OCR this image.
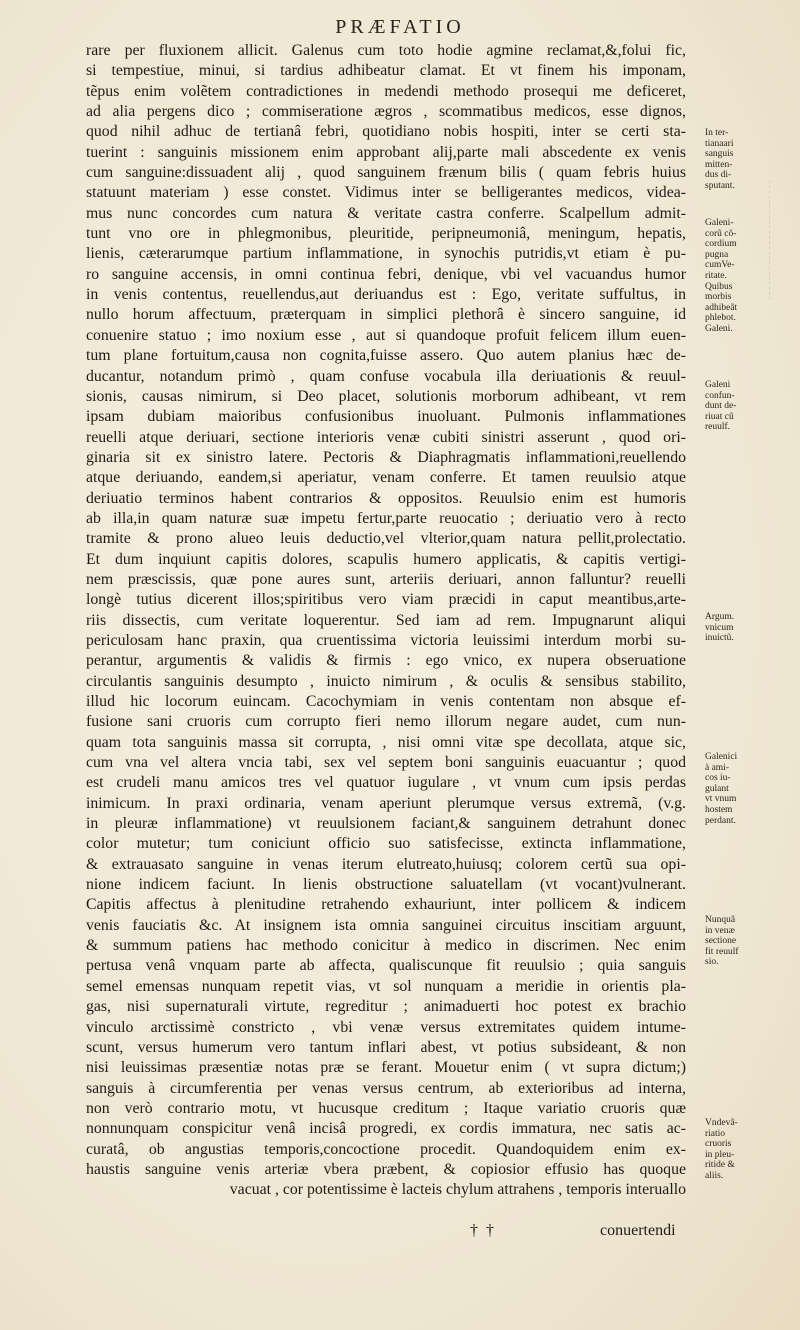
PRÆFATIO
rare per fluxionem allicit. Galenus cum toto hodie agmine reclamat,&,folui fic,
si tempestiue, minui, si tardius adhibeatur clamat. Et vt finem his imponam,
tẽpus enim volẽtem contradictiones in medendi methodo prosequi me deficeret,
ad alia pergens dico ; commiseratione ægros , scommatibus medicos, esse dignos,
quod nihil adhuc de tertianâ febri, quotidiano nobis hospiti, inter se certi sta-
tuerint : sanguinis missionem enim approbant alij,parte mali abscedente ex venis
cum sanguine:dissuadent alij , quod sanguinem frænum bilis ( quam febris huius
statuunt materiam ) esse constet. Vidimus inter se belligerantes medicos, videa-
mus nunc concordes cum natura & veritate castra conferre. Scalpellum admit-
tunt vno ore in phlegmonibus, pleuritide, peripneumoniâ, meningum, hepatis,
lienis, cæterarumque partium inflammatione, in synochis putridis,vt etiam è pu-
ro sanguine accensis, in omni continua febri, denique, vbi vel vacuandus humor
in venis contentus, reuellendus,aut deriuandus est : Ego, veritate suffultus, in
nullo horum affectuum, præterquam in simplici plethorâ è sincero sanguine, id
conuenire statuo ; imo noxium esse , aut si quandoque profuit felicem illum euen-
tum plane fortuitum,causa non cognita,fuisse assero. Quo autem planius hæc de-
ducantur, notandum primò , quam confuse vocabula illa deriuationis & reuul-
sionis, causas nimirum, si Deo placet, solutionis morborum adhibeant, vt rem
ipsam dubiam maioribus confusionibus inuoluant. Pulmonis inflammationes
reuelli atque deriuari, sectione interioris venæ cubiti sinistri asserunt , quod ori-
ginaria sit ex sinistro latere. Pectoris & Diaphragmatis inflammationi,reuellendo
atque deriuando, eandem,si aperiatur, venam conferre. Et tamen reuulsio atque
deriuatio terminos habent contrarios & oppositos. Reuulsio enim est humoris
ab illa,in quam naturæ suæ impetu fertur,parte reuocatio ; deriuatio vero à recto
tramite & prono alueo leuis deductio,vel vlterior,quam natura pellit,prolectatio.
Et dum inquiunt capitis dolores, scapulis humero applicatis, & capitis vertigi-
nem præscissis, quæ pone aures sunt, arteriis deriuari, annon falluntur? reuelli
longè tutius dicerent illos;spiritibus vero viam præcidi in caput meantibus,arte-
riis dissectis, cum veritate loquerentur. Sed iam ad rem. Impugnarunt aliqui
periculosam hanc praxin, qua cruentissima victoria leuissimi interdum morbi su-
perantur, argumentis & validis & firmis : ego vnico, ex nupera obseruatione
circulantis sanguinis desumpto , inuicto nimirum , & oculis & sensibus stabilito,
illud hic locorum euincam. Cacochymiam in venis contentam non absque ef-
fusione sani cruoris cum corrupto fieri nemo illorum negare audet, cum nun-
quam tota sanguinis massa sit corrupta, , nisi omni vitæ spe decollata, atque sic,
cum vna vel altera vncia tabi, sex vel septem boni sanguinis euacuantur ; quod
est crudeli manu amicos tres vel quatuor iugulare , vt vnum cum ipsis perdas
inimicum. In praxi ordinaria, venam aperiunt plerumque versus extremã, (v.g.
in pleuræ inflammatione) vt reuulsionem faciant,& sanguinem detrahunt donec
color mutetur; tum coniciunt officio suo satisfecisse, extincta inflammatione,
& extrauasato sanguine in venas iterum elutreato,huiusq; colorem certũ sua opi-
nione indicem faciunt. In lienis obstructione saluatellam (vt vocant)vulnerant.
Capitis affectus à plenitudine retrahendo exhauriunt, inter pollicem & indicem
venis fauciatis &c. At insignem ista omnia sanguinei circuitus inscitiam arguunt,
& summum patiens hac methodo conicitur à medico in discrimen. Nec enim
pertusa venâ vnquam parte ab affecta, qualiscunque fit reuulsio ; quia sanguis
semel emensas nunquam repetit vias, vt sol nunquam a meridie in orientis pla-
gas, nisi supernaturali virtute, regreditur ; animaduerti hoc potest ex brachio
vinculo arctissimè constricto , vbi venæ versus extremitates quidem intume-
scunt, versus humerum vero tantum inflari abest, vt potius subsideant, & non
nisi leuissimas præsentiæ notas præ se ferant. Mouetur enim ( vt supra dictum;)
sanguis à circumferentia per venas versus centrum, ab exterioribus ad interna,
non verò contrario motu, vt hucusque creditum ; Itaque variatio cruoris quæ
nonnunquam conspicitur venâ incisâ progredi, ex cordis immatura, nec satis ac-
curatâ, ob angustias temporis,concoctione procedit. Quandoquidem enim ex-
haustis sanguine venis arteriæ vbera præbent, & copiosior effusio has quoque
vacuat , cor potentissime è lacteis chylum attrahens , temporis interuallo
In ter-
tianaari
sanguis
mitten-
dus di-
sputant.
Galeni-
corũ cõ-
cordium
pugna
cumVe-
ritate.
Quibus
morbis
adhibeãt
phlebot.
Galeni.
Galeni
confun-
dunt de-
riuat cũ
reuulf.
Argum.
vnicum
inuictũ.
Galenici
à ami-
cos iu-
gulant
vt vnum
hostem
perdant.
Nunquã
in venæ
sectione
fit reuulf
sio.
Vndevã-
riatio
cruoris
in pleu-
ritide &
aliis.
† †	conuertendi
